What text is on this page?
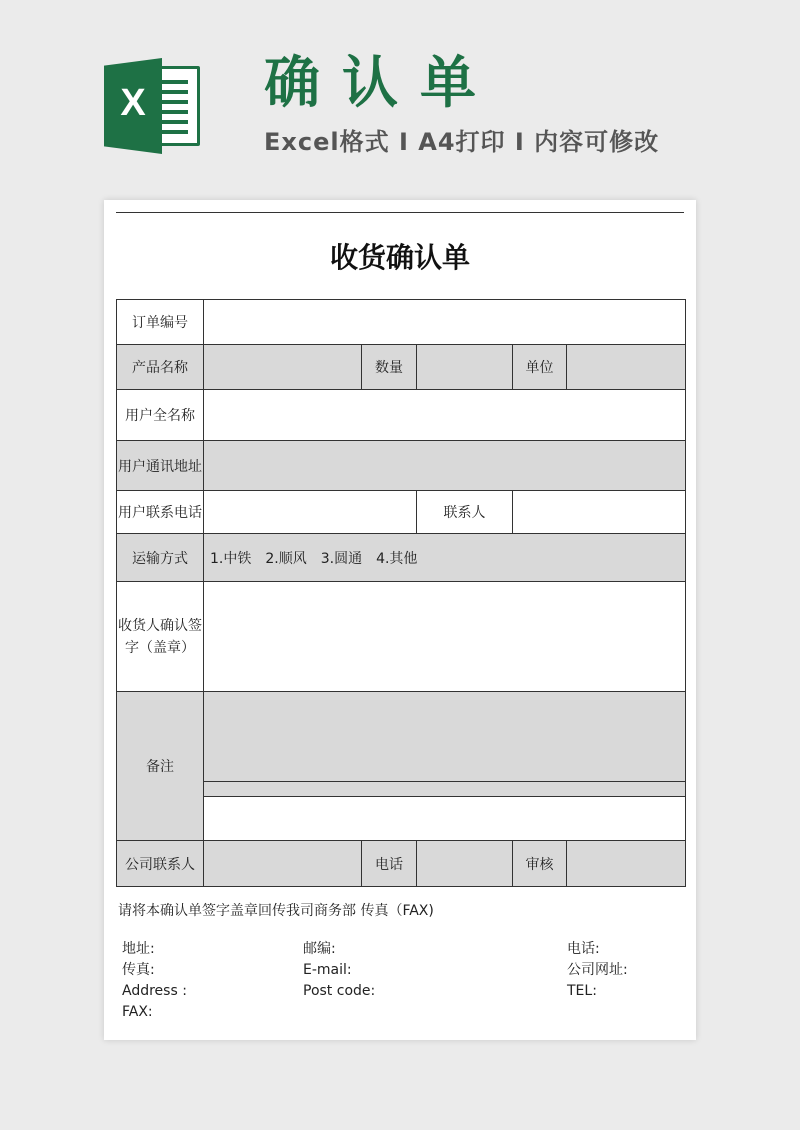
X 确认单
Excel格式 I A4打印 I 内容可修改
收货确认单
订单编号					
产品名称		数量		单位	
用户全名称					
用户通讯地址					
用户联系电话			联系人		
运输方式	1.中铁　2.顺风　3.圆通　4.其他				

收货人确认签
字（盖章）					

备注					

公司联系人		电话		审核	
请将本确认单签字盖章回传我司商务部 传真（FAX)
地址:
传真:
Address :
FAX:
邮编:
E-mail:
Post code:
电话:
公司网址:
TEL:
